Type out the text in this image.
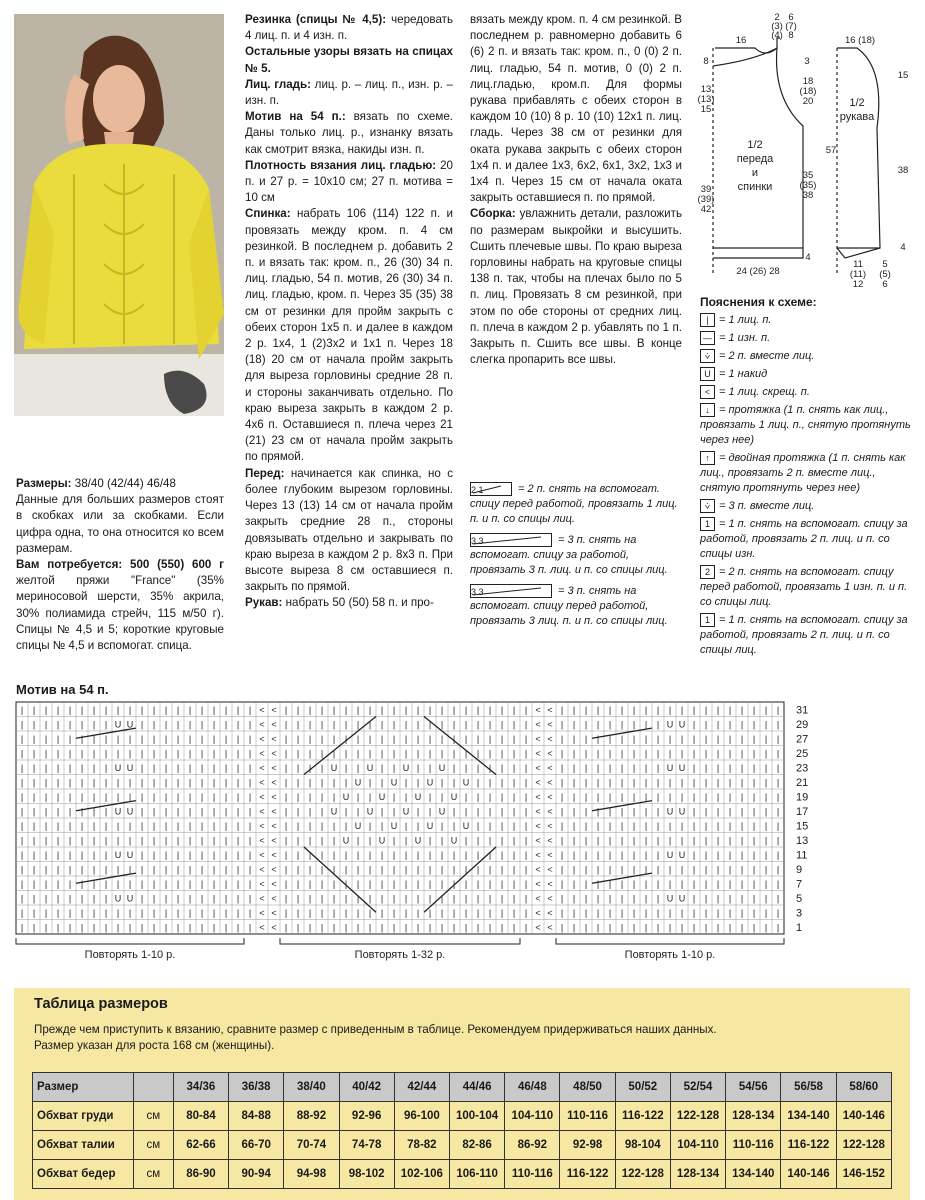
Размеры: 38/40 (42/44) 46/48

Данные для больших размеров стоят в скобках или за скобками. Если цифра одна, то она относится ко всем размерам.

Вам потребуется: 500 (550) 600 г желтой пряжи "France" (35% мериносовой шерсти, 35% акрила, 30% полиамида стрейч, 115 м/50 г). Спицы № 4,5 и 5; короткие круговые спицы № 4,5 и вспомогат. спица.

Резинка (спицы № 4,5): чередовать 4 лиц. п. и 4 изн. п.

Остальные узоры вязать на спицах № 5.

Лиц. гладь: лиц. р. – лиц. п., изн. р. – изн. п.

Мотив на 54 п.: вязать по схеме. Даны только лиц. р., изнанку вязать как смотрит вязка, накиды изн. п.

Плотность вязания лиц. гладью: 20 п. и 27 р. = 10х10 см; 27 п. мотива = 10 см

Спинка: набрать 106 (114) 122 п. и провязать между кром. п. 4 см резинкой. В последнем р. добавить 2 п. и вязать так: кром. п., 26 (30) 34 п. лиц. гладью, 54 п. мотив, 26 (30) 34 п. лиц. гладью, кром. п. Через 35 (35) 38 см от резинки для пройм закрыть с обеих сторон 1х5 п. и далее в каждом 2 р. 1х4, 1 (2)3х2 и 1х1 п. Через 18 (18) 20 см от начала пройм закрыть для выреза горловины средние 28 п. и стороны заканчивать отдельно. По краю выреза закрыть в каждом 2 р. 4х6 п. Оставшиеся п. плеча через 21 (21) 23 см от начала пройм закрыть по прямой.

Перед: начинается как спинка, но с более глубоким вырезом горловины. Через 13 (13) 14 см от начала пройм закрыть средние 28 п., стороны довязывать отдельно и закрывать по краю выреза в каждом 2 р. 8х3 п. При высоте выреза 8 см оставшиеся п. закрыть по прямой.

Рукав: набрать 50 (50) 58 п. и про-

вязать между кром. п. 4 см резинкой. В последнем р. равномерно добавить 6 (6) 2 п. и вязать так: кром. п., 0 (0) 2 п. лиц. гладью, 54 п. мотив, 0 (0) 2 п. лиц.гладью, кром.п. Для формы рукава прибавлять с обеих сторон в каждом 10 (10) 8 р. 10 (10) 12х1 п. лиц. гладь. Через 38 см от резинки для оката рукава закрыть с обеих сторон 1х4 п. и далее 1х3, 6х2, 6х1, 3х2, 1х3 и 1х4 п. Через 15 см от начала оката закрыть оставшиеся п. по прямой.

Сборка: увлажнить детали, разложить по размерам выкройки и высушить. Сшить плечевые швы. По краю выреза горловины набрать на круговые спицы 138 п. так, чтобы на плечах было по 5 п. лиц. Провязать 8 см резинкой, при этом по обе стороны от средних лиц. п. плеча в каждом 2 р. убавлять по 1 п. Закрыть п. Сшить все швы. В конце слегка пропарить все швы.

2 1	= 2 п. снять на вспомогат. спицу перед работой, провязать 1 лиц. п. и п. со спицы лиц.
3 3	= 3 п. снять на вспомогат. спицу за работой, провязать 3 п. лиц. и п. со спицы лиц.
3 3	= 3 п. снять на вспомогат. спицу перед работой, провязать 3 лиц. п. и п. со спицы лиц.
16
2
(3)
(4)
6
(7)
8
8
13
(13)
15
3
18
(18)
20
39
(39)
42
35
(35)
38
4
24 (26) 28
1/2
переда
и
спинки
16 (18)
15
57
38
4
1/2
рукава
11
(11)
12
5
(5)
6
Пояснения к схеме:
| = 1 лиц. п.
— = 1 изн. п.
⩒ = 2 п. вместе лиц.
U = 1 накид
< = 1 лиц. скрещ. п.
↓ = протяжка (1 п. снять как лиц., провязать 1 лиц. п., снятую протянуть через нее)
↑ = двойная протяжка (1 п. снять как лиц., провязать 2 п. вместе лиц., снятую протянуть через нее)
⩒ = 3 п. вместе лиц.
1 = 1 п. снять на вспомогат. спицу за работой, провязать 2 п. лиц. и п. со спицы изн.
2 = 2 п. снять на вспомогат. спицу перед работой, провязать 1 изн. п. и п. со спицы лиц.
1 = 1 п. снять на вспомогат. спицу за работой, провязать 2 п. лиц. и п. со спицы лиц.
Мотив на 54 п.
| | | | | | | | | | | | | | | | | | | | < < | | | | | | | | | | | | | | | | | | | | | < < | | | | | | | | | | | | | | | | | | |
| | | | | | | | U U | | | | | | | | | | < < | | | | | | | | | | | | | | | | | | | | | < < | | | | | | | | | U U | | | | | | | |
| | | | | | | | | | | | | | | | | | | | < < | | | | | | | | | | | | | | | | | | | | | < < | | | | | | | | | | | | | | | | | | |
| | | | | | | | | | | | | | | | | | | | < < | | | | | | | | | | | | | | | | | | | | | < < | | | | | | | | | | | | | | | | | | |
| | | | | | | | U U | | | | | | | | | | < < | | | | U | | U | | U | | U | | | | | | | < < | | | | | | | | | U U | | | | | | | |
| | | | | | | | | | | | | | | | | | | | < < | | | | | | U | | U | | U | | U | | | | | < < | | | | | | | | | | | | | | | | | | |
| | | | | | | | | | | | | | | | | | | | < < | | | | | U | | U | | U | | U | | | | | | < < | | | | | | | | | | | | | | | | | | |
| | | | | | | | U U | | | | | | | | | | < < | | | | U | | U | | U | | U | | | | | | | < < | | | | | | | | | U U | | | | | | | |
| | | | | | | | | | | | | | | | | | | | < < | | | | | | U | | U | | U | | U | | | | | < < | | | | | | | | | | | | | | | | | | |
| | | | | | | | | | | | | | | | | | | | < < | | | | | U | | U | | U | | U | | | | | | < < | | | | | | | | | | | | | | | | | | |
| | | | | | | | U U | | | | | | | | | | < < | | | | | | | | | | | | | | | | | | | | | < < | | | | | | | | | U U | | | | | | | |
| | | | | | | | | | | | | | | | | | | | < < | | | | | | | | | | | | | | | | | | | | | < < | | | | | | | | | | | | | | | | | | |
| | | | | | | | | | | | | | | | | | | | < < | | | | | | | | | | | | | | | | | | | | | < < | | | | | | | | | | | | | | | | | | |
| | | | | | | | U U | | | | | | | | | | < < | | | | | | | | | | | | | | | | | | | | | < < | | | | | | | | | U U | | | | | | | |
| | | | | | | | | | | | | | | | | | | | < < | | | | | | | | | | | | | | | | | | | | | < < | | | | | | | | | | | | | | | | | | |
| | | | | | | | | | | | | | | | | | | | < < | | | | | | | | | | | | | | | | | | | | | < < | | | | | | | | | | | | | | | | | | |
31
29
27
25
23
21
19
17
15
13
11
9
7
5
3
1
Повторять 1-10 р.	Повторять 1-32 р.	Повторять 1-10 р.
Таблица размеров
Прежде чем приступить к вязанию, сравните размер с приведенным в таблице. Рекомендуем придерживаться наших данных.
Размер указан для роста 168 см (женщины).
Размер		34/36	36/38	38/40	40/42	42/44	44/46	46/48	48/50	50/52	52/54	54/56	56/58	58/60
Обхват груди	см	80-84	84-88	88-92	92-96	96-100	100-104	104-110	110-116	116-122	122-128	128-134	134-140	140-146
Обхват талии	см	62-66	66-70	70-74	74-78	78-82	82-86	86-92	92-98	98-104	104-110	110-116	116-122	122-128
Обхват бедер	см	86-90	90-94	94-98	98-102	102-106	106-110	110-116	116-122	122-128	128-134	134-140	140-146	146-152
